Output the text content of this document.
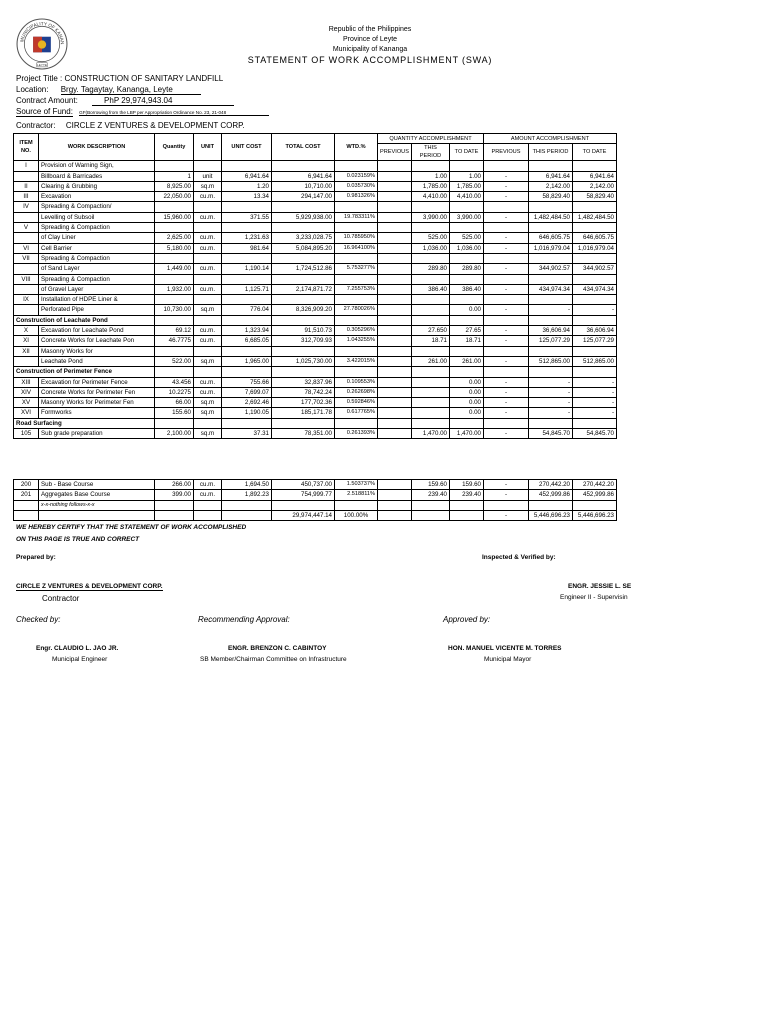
MUNICIPALITY OF KANAN
LEYTE
Republic of the Philippines
Province of Leyte
Municipality of Kananga
STATEMENT OF WORK ACCOMPLISHMENT (SWA)
Project Title : CONSTRUCTION OF SANITARY LANDFILL
Location: Brgy. Tagaytay, Kananga, Leyte
Contract Amount:	PhP 29,974,943.04
Source of Fund: GF(Borrowing from the LBP per Appropriation Ordinance No. 23, 21-048
Contractor: CIRCLE Z VENTURES & DEVELOPMENT CORP.
ITEM NO.	WORK DESCRIPTION	Quantity	UNIT	UNIT COST	TOTAL COST	WTD.%	QUANTITY ACCOMPLISHMENT			AMOUNT ACCOMPLISHMENT		
							PREVIOUS	THIS PERIOD	TO DATE	PREVIOUS	THIS PERIOD	TO DATE
I	Provision of Warning Sign,											
	Billboard & Barricades	1	unit	6,941.64	6,941.64	0.023159%		1.00	1.00	-	6,941.64	6,941.64
II	Clearing & Grubbing	8,925.00	sq.m	1.20	10,710.00	0.035730%		1,785.00	1,785.00	-	2,142.00	2,142.00
III	Excavation	22,050.00	cu.m.	13.34	294,147.00	0.981326%		4,410.00	4,410.00	-	58,829.40	58,829.40
IV	Spreading & Compaction/											
	Levelling of Subsoil	15,960.00	cu.m.	371.55	5,929,938.00	19.783311%		3,990.00	3,990.00	-	1,482,484.50	1,482,484.50
V	Spreading & Compaction											
	of Clay Liner	2,625.00	cu.m.	1,231.63	3,233,028.75	10.785950%		525.00	525.00	-	646,605.75	646,605.75
VI	Cell Barrier	5,180.00	cu.m.	981.64	5,084,895.20	16.964100%		1,036.00	1,036.00	-	1,016,979.04	1,016,979.04
VII	Spreading & Compaction											
	of Sand Layer	1,449.00	cu.m.	1,190.14	1,724,512.86	5.753277%		289.80	289.80	-	344,902.57	344,902.57
VIII	Spreading & Compaction											
	of Gravel Layer	1,932.00	cu.m.	1,125.71	2,174,871.72	7.255753%		386.40	386.40	-	434,974.34	434,974.34
IX	Installation of HDPE Liner &											
	Perforated Pipe	10,730.00	sq.m	776.04	8,326,909.20	27.780026%			0.00	-	-	-
Construction of Leachate Pond												
X	Excavation for Leachate Pond	69.12	cu.m.	1,323.94	91,510.73	0.305296%		27.650	27.65	-	36,606.94	36,606.94
XI	Concrete Works for Leachate Pon	46.7775	cu.m.	6,685.05	312,709.93	1.043255%		18.71	18.71	-	125,077.29	125,077.29
XII	Masonry Works for											
	Leachate Pond	522.00	sq.m	1,965.00	1,025,730.00	3.422015%		261.00	261.00	-	512,865.00	512,865.00
Construction of Perimeter Fence												
XIII	Excavation for Perimeter Fence	43.456	cu.m.	755.66	32,837.96	0.109553%			0.00	-	-	-
XIV	Concrete Works for Perimeter Fen	10.2275	cu.m.	7,699.07	78,742.24	0.262698%			0.00	-	-	-
XV	Masonry Works for Perimeter Fen	66.00	sq.m	2,692.46	177,702.36	0.592846%			0.00	-	-	-
XVI	Formworks	155.60	sq.m	1,190.05	185,171.78	0.617765%			0.00	-	-	-
Road Surfacing												
105	Sub grade preparation	2,100.00	sq.m	37.31	78,351.00	0.261393%		1,470.00	1,470.00	-	54,845.70	54,845.70
200	Sub - Base Course	266.00	cu.m.	1,694.50	450,737.00	1.503737%		159.60	159.60	-	270,442.20	270,442.20
201	Aggregates Base Course	399.00	cu.m.	1,892.23	754,999.77	2.518811%		239.40	239.40	-	452,999.86	452,999.86
	x-x-nothing follows-x-x											
					29,974,447.14	100.00%				-	5,446,696.23	5,446,696.23
WE HEREBY CERTIFY THAT THE STATEMENT OF WORK ACCOMPLISHED
ON THIS PAGE IS TRUE AND CORRECT
Prepared by:	Inspected & Verified by:
CIRCLE Z VENTURES & DEVELOPMENT CORP.
Contractor
ENGR. JESSIE L. SE
Engineer II - Supervisin
Checked by:	Recommending Approval:	Approved by:
Engr. CLAUDIO L. JAO JR.
Municipal Engineer
ENGR. BRENZON C. CABINTOY
SB Member/Chairman Committee on Infrastructure
HON. MANUEL VICENTE M. TORRES
Municipal Mayor
